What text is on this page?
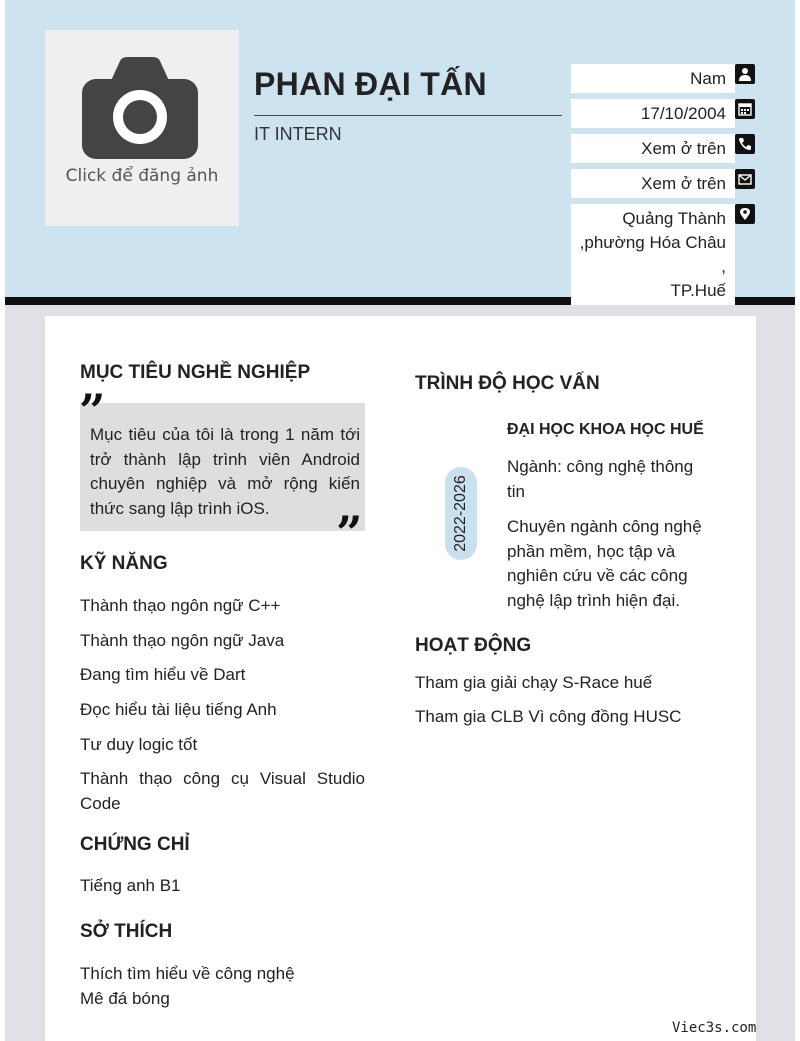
Click để đăng ảnh
PHAN ĐẠI TẤN
IT INTERN
Nam
17/10/2004
Xem ở trên
Xem ở trên
Quảng Thành
,phường Hóa Châu ,
TP.Huế
MỤC TIÊU NGHỀ NGHIỆP
”
Mục tiêu của tôi là trong 1 năm tới trở thành lập trình viên Android chuyên nghiệp và mở rộng kiến thức sang lập trình iOS.	”
KỸ NĂNG
Thành thạo ngôn ngữ C++
Thành thạo ngôn ngữ Java
Đang tìm hiểu về Dart
Đọc hiểu tài liệu tiếng Anh
Tư duy logic tốt
Thành thạo công cụ Visual Studio Code
CHỨNG CHỈ
Tiếng anh B1
SỞ THÍCH
Thích tìm hiểu về công nghệ
Mê đá bóng
TRÌNH ĐỘ HỌC VẤN
2022-2026
ĐẠI HỌC KHOA HỌC HUẾ
Ngành: công nghệ thông tin
Chuyên ngành công nghệ phần mềm, học tập và nghiên cứu về các công nghệ lập trình hiện đại.
HOẠT ĐỘNG
Tham gia giải chạy S-Race huế
Tham gia CLB Vì công đồng HUSC
Viec3s.com
